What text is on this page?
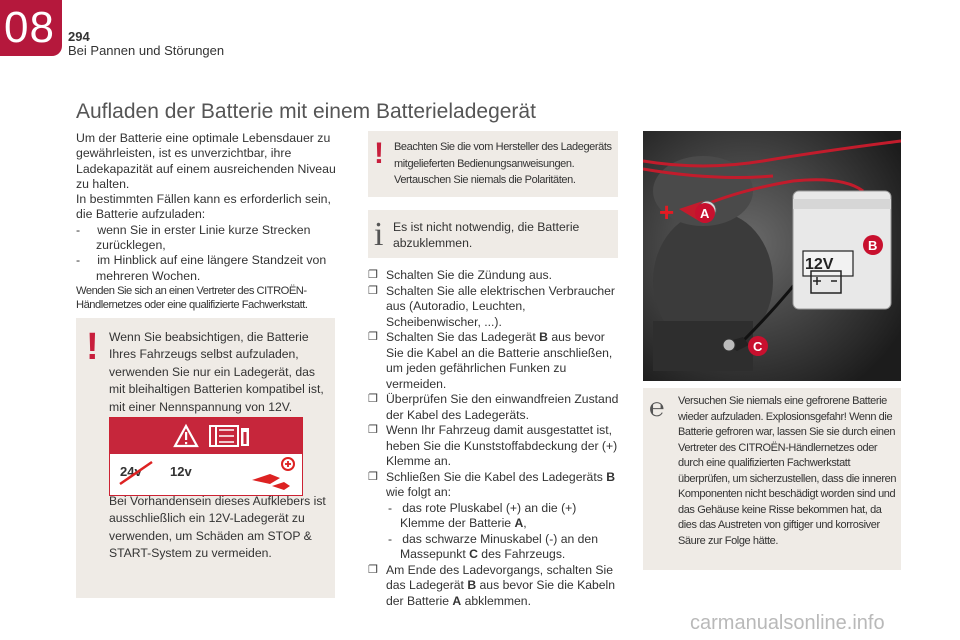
08 294
Bei Pannen und Störungen
Aufladen der Batterie mit einem Batterieladegerät

Um der Batterie eine optimale Lebensdauer zu gewährleisten, ist es unverzichtbar, ihre Ladekapazität auf einem ausreichenden Niveau zu halten.

In bestimmten Fällen kann es erforderlich sein, die Batterie aufzuladen:

-     wenn Sie in erster Linie kurze Strecken zurücklegen,

-     im Hinblick auf eine längere Standzeit von mehreren Wochen.

Wenden Sie sich an einen Vertreter des CITROËN-Händlernetzes oder eine qualifizierte Fachwerkstatt.

! Wenn Sie beabsichtigen, die Batterie Ihres Fahrzeugs selbst aufzuladen, verwenden Sie nur ein Ladegerät, das mit bleihaltigen Batterien kompatibel ist, mit einer Nennspannung von 12V.
24v 12v
Bei Vorhandensein dieses Aufklebers ist ausschließlich ein 12V-Ladegerät zu verwenden, um Schäden am STOP & START-System zu vermeiden.
! Beachten Sie die vom Hersteller des Ladegeräts mitgelieferten Bedienungsanweisungen.
Vertauschen Sie niemals die Polaritäten.
i Es ist nicht notwendig, die Batterie abzuklemmen.
❐ Schalten Sie die Zündung aus.
❐ Schalten Sie alle elektrischen Verbraucher aus (Autoradio, Leuchten, Scheibenwischer, ...).
❐ Schalten Sie das Ladegerät B aus bevor Sie die Kabel an die Batterie anschließen, um jeden gefährlichen Funken zu vermeiden.
❐ Überprüfen Sie den einwandfreien Zustand der Kabel des Ladegeräts.
❐ Wenn Ihr Fahrzeug damit ausgestattet ist, heben Sie die Kunststoffabdeckung der (+) Klemme an.
❐ Schließen Sie die Kabel des Ladegeräts B wie folgt an:
-   das rote Pluskabel (+) an die (+) Klemme der Batterie A,
-   das schwarze Minuskabel (-) an den Massepunkt C des Fahrzeugs.
❐ Am Ende des Ladevorgangs, schalten Sie das Ladegerät B aus bevor Sie die Kabeln der Batterie A abklemmen.
12V
+ A
B
C
℮ Versuchen Sie niemals eine gefrorene Batterie wieder aufzuladen. Explosionsgefahr! Wenn die Batterie gefroren war, lassen Sie sie durch einen Vertreter des CITROËN-Händlernetzes oder durch eine qualifizierten Fachwerkstatt überprüfen, um sicherzustellen, dass die inneren Komponenten nicht beschädigt worden sind und das Gehäuse keine Risse bekommen hat, da dies das Austreten von giftiger und korrosiver Säure zur Folge hätte.
carmanualsonline.info
